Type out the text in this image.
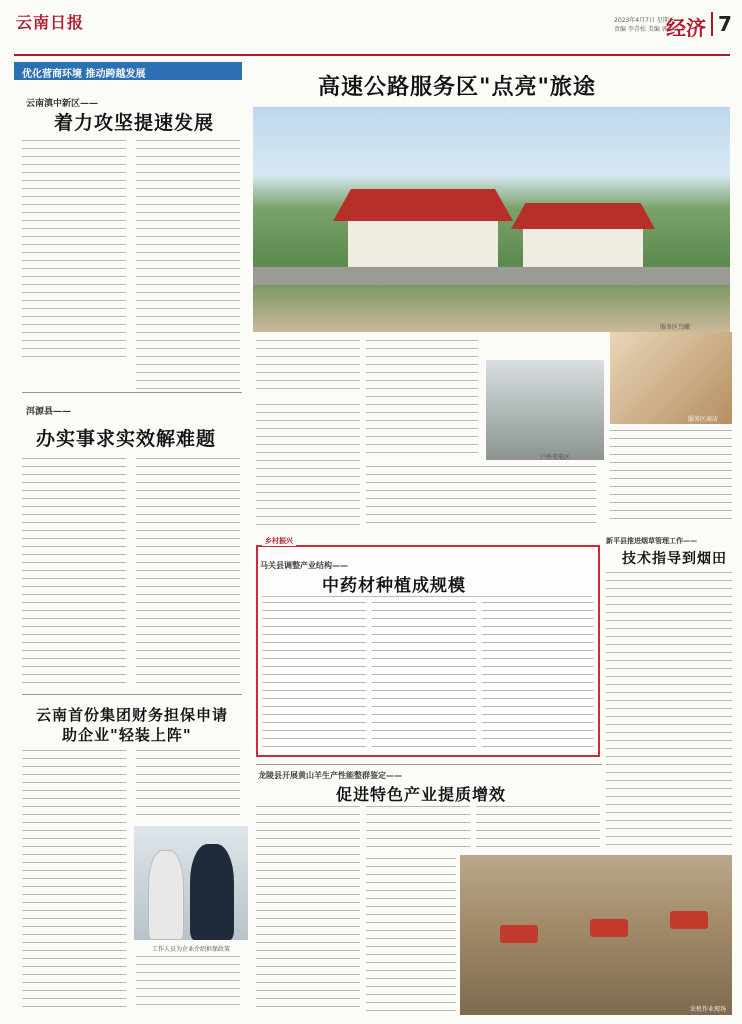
云南日报	2023年4月7日 星期五
责编 李青松 美编 郭金元
经济 7
优化营商环境 推动跨越发展
云南滇中新区——
着力攻坚提速发展
洱源县——
办实事求实效解难题
云南首份集团财务担保申请
助企业"轻装上阵"
工作人员为企业介绍担保政策
高速公路服务区"点亮"旅途
服务区鸟瞰
服务区商店
户外充电区
乡村振兴
马关县调整产业结构——
中药材种植成规模
新平县推进烟草管理工作——
技术指导到烟田
龙陵县开展黄山羊生产性能整群鉴定——
促进特色产业提质增效
农机作业现场
